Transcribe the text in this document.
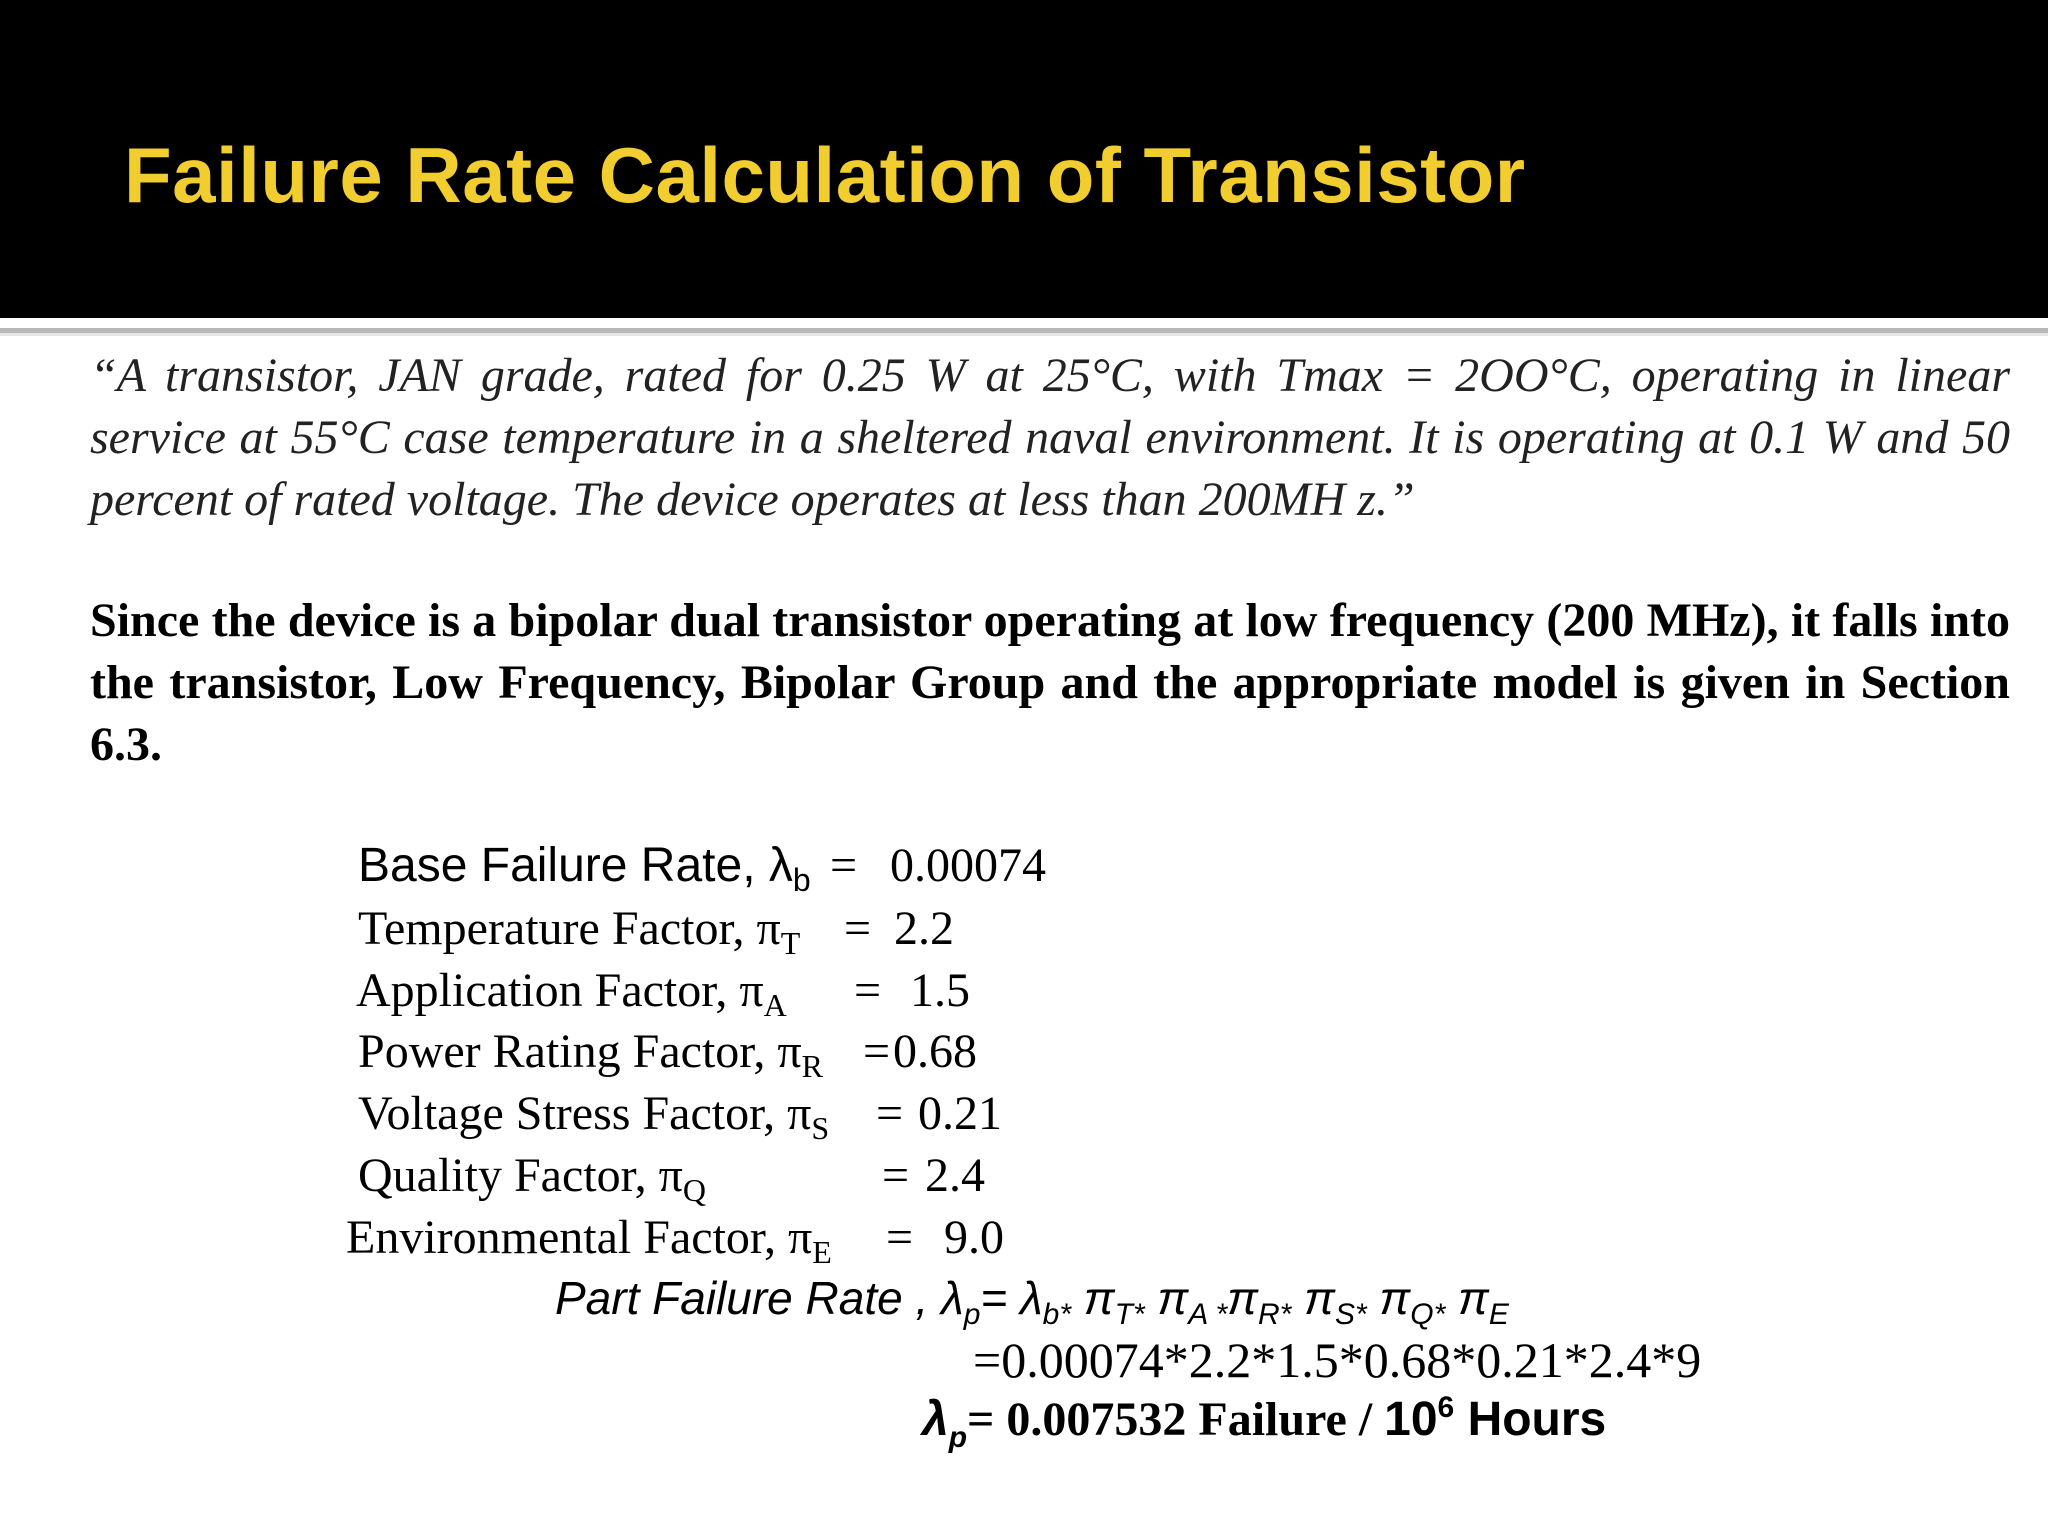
Failure Rate Calculation of Transistor
“A transistor, JAN grade, rated for 0.25 W at 25°C, with Tmax = 2OO°C, operating in linear service at 55°C case temperature in a sheltered naval environment. It is operating at 0.1 W and 50 percent of rated voltage. The device operates at less than 200MH z.”
Since the device is a bipolar dual transistor operating at low frequency (200 MHz), it falls into the transistor, Low Frequency, Bipolar Group and the appropriate model is given in Section 6.3.
Base Failure Rate, $\lambda_b = 0.00074$
Temperature Factor, $\pi_T = 2.2$
Application Factor, $\pi_A = 1.5$
Power Rating Factor, $\pi_R =0.68$
Voltage Stress Factor, $\pi_S = 0.21$
Quality Factor, $\pi_Q$	= 2.4
Environmental Factor, $\pi_E = 9.0$
Part Failure Rate , $\lambda_p= \lambda_{b*}$ $\pi_{T*}$ $\pi_{A *}\pi_{R*}$ $\pi_{S*}$ $\pi_{Q*}$ $\pi_E$
=0.00074*2.2*1.5*0.68*0.21*2.4*9
$\lambda_p= 0.007532$ Failure / $10^6$ Hours
